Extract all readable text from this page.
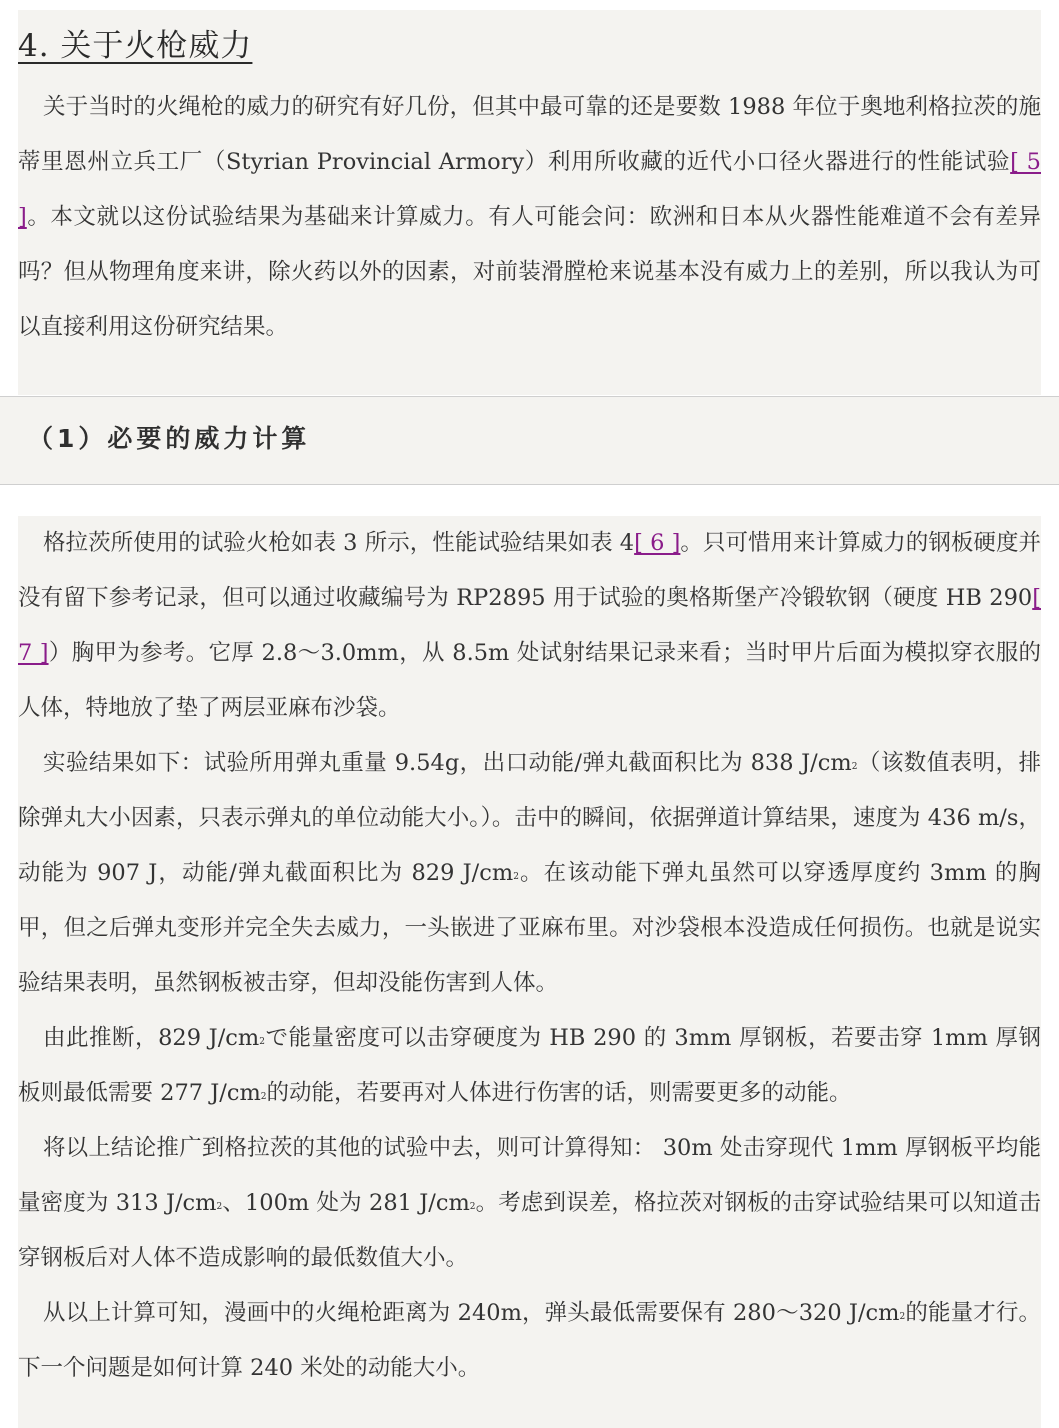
4. 关于火枪威力

关于当时的火绳枪的威力的研究有好几份，但其中最可靠的还是要数 1988 年位于奥地利格拉茨的施蒂里恩州立兵工厂（Styrian Provincial Armory）利用所收藏的近代小口径火器进行的性能试验[ 5 ]。本文就以这份试验结果为基础来计算威力。有人可能会问：欧洲和日本从火器性能难道不会有差异吗？但从物理角度来讲，除火药以外的因素，对前装滑膛枪来说基本没有威力上的差别，所以我认为可以直接利用这份研究结果。

（1）必要的威力计算

格拉茨所使用的试验火枪如表 3 所示，性能试验结果如表 4[ 6 ]。只可惜用来计算威力的钢板硬度并没有留下参考记录，但可以通过收藏编号为 RP2895 用于试验的奥格斯堡产冷锻软钢（硬度 HB 290[ 7 ]）胸甲为参考。它厚 2.8～3.0mm，从 8.5m 处试射结果记录来看；当时甲片后面为模拟穿衣服的人体，特地放了垫了两层亚麻布沙袋。

实验结果如下：试验所用弹丸重量 9.54g，出口动能/弹丸截面积比为 838 $J/cm^2$（该数值表明，排除弹丸大小因素，只表示弹丸的单位动能大小。）。击中的瞬间，依据弹道计算结果，速度为 436 m/s，动能为 907 J，动能/弹丸截面积比为 829 $J/cm^2$。在该动能下弹丸虽然可以穿透厚度约 3mm 的胸甲，但之后弹丸变形并完全失去威力，一头嵌进了亚麻布里。对沙袋根本没造成任何损伤。也就是说实验结果表明，虽然钢板被击穿，但却没能伤害到人体。

由此推断，829 $J/cm^2$で能量密度可以击穿硬度为 HB 290 的 3mm 厚钢板，若要击穿 1mm 厚钢板则最低需要 277 $J/cm^2$的动能，若要再对人体进行伤害的话，则需要更多的动能。

将以上结论推广到格拉茨的其他的试验中去，则可计算得知： 30m 处击穿现代 1mm 厚钢板平均能量密度为 313 $J/cm^2$、100m 处为 281 $J/cm^2$。考虑到误差，格拉茨对钢板的击穿试验结果可以知道击穿钢板后对人体不造成影响的最低数值大小。

从以上计算可知，漫画中的火绳枪距离为 240m，弹头最低需要保有 280～320 $J/cm^2$的能量才行。下一个问题是如何计算 240 米处的动能大小。
